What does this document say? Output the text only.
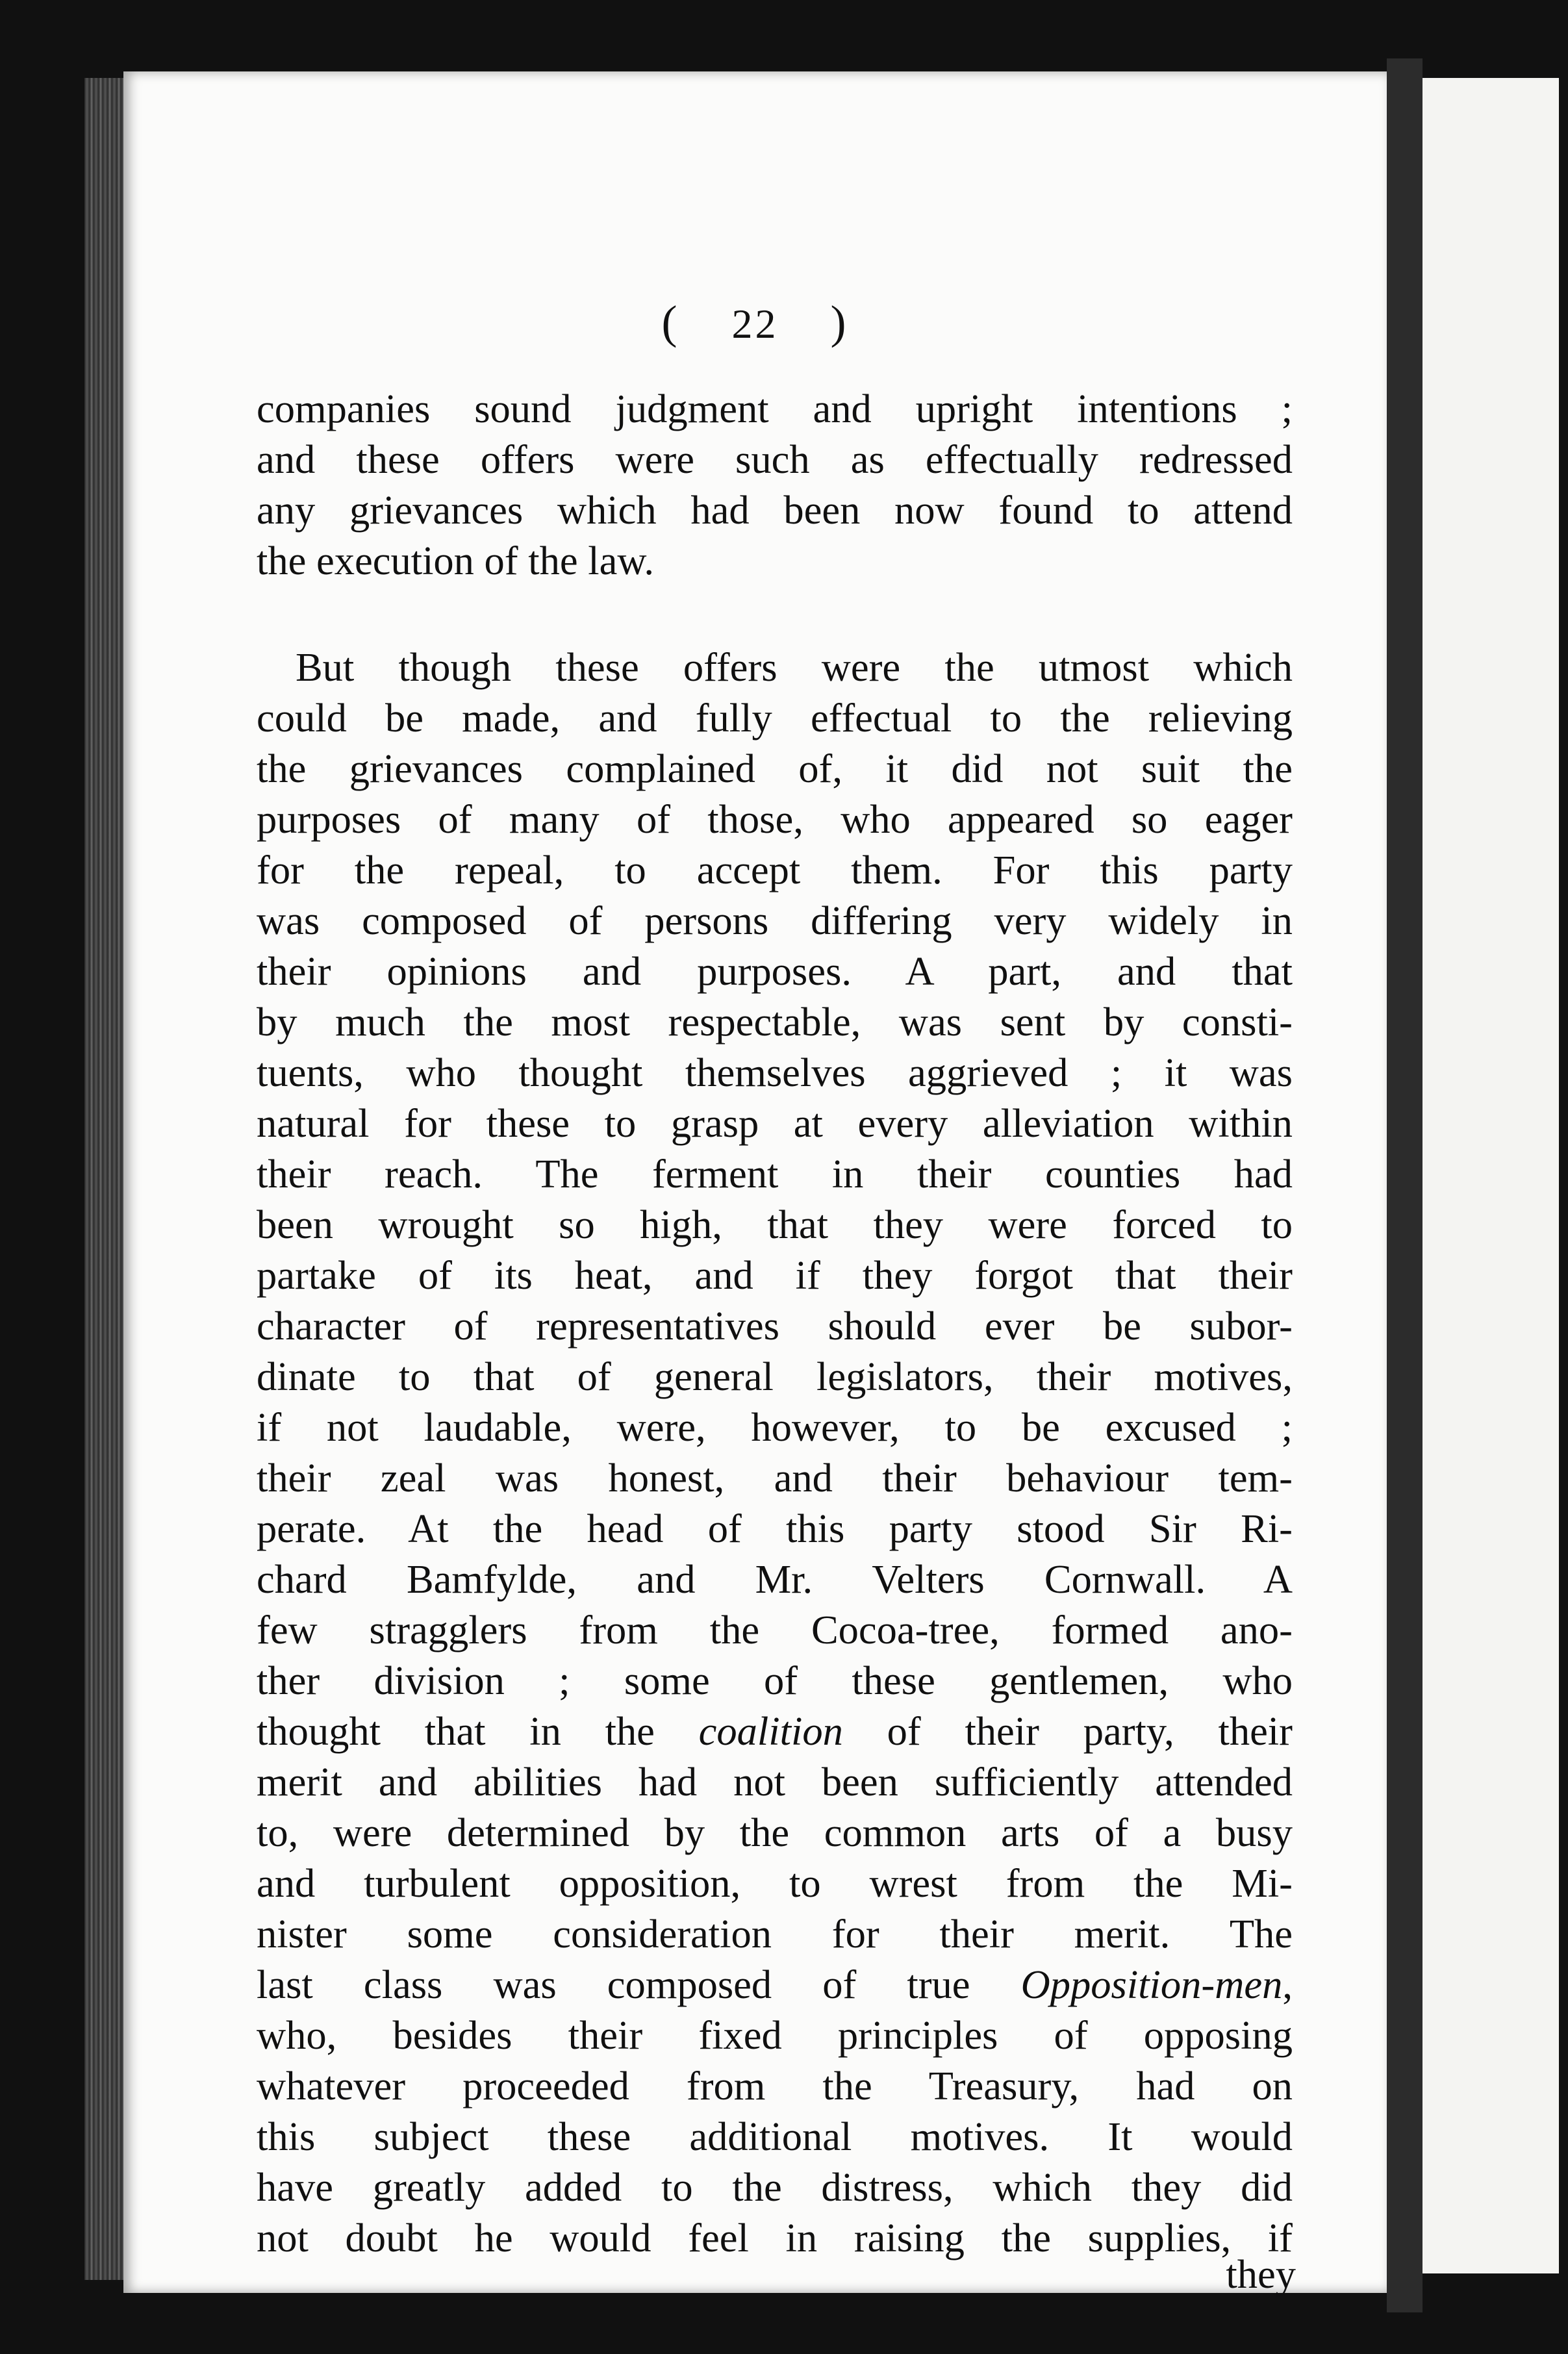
( 22 )
companies sound judgment and upright intentions ;
and these offers were such as effectually redressed
any grievances which had been now found to attend
the execution of the law.
But though these offers were the utmost which
could be made, and fully effectual to the relieving
the grievances complained of, it did not suit the
purposes of many of those, who appeared so eager
for the repeal, to accept them. For this party
was composed of persons differing very widely in
their opinions and purposes. A part, and that
by much the most respectable, was sent by consti-
tuents, who thought themselves aggrieved ; it was
natural for these to grasp at every alleviation within
their reach. The ferment in their counties had
been wrought so high, that they were forced to
partake of its heat, and if they forgot that their
character of representatives should ever be subor-
dinate to that of general legislators, their motives,
if not laudable, were, however, to be excused ;
their zeal was honest, and their behaviour tem-
perate. At the head of this party stood Sir Ri-
chard Bamfylde, and Mr. Velters Cornwall. A
few stragglers from the Cocoa-tree, formed ano-
ther division ; some of these gentlemen, who
thought that in the coalition of their party, their
merit and abilities had not been sufficiently attended
to, were determined by the common arts of a busy
and turbulent opposition, to wrest from the Mi-
nister some consideration for their merit. The
last class was composed of true Opposition-men,
who, besides their fixed principles of opposing
whatever proceeded from the Treasury, had on
this subject these additional motives. It would
have greatly added to the distress, which they did
not doubt he would feel in raising the supplies, if
they
